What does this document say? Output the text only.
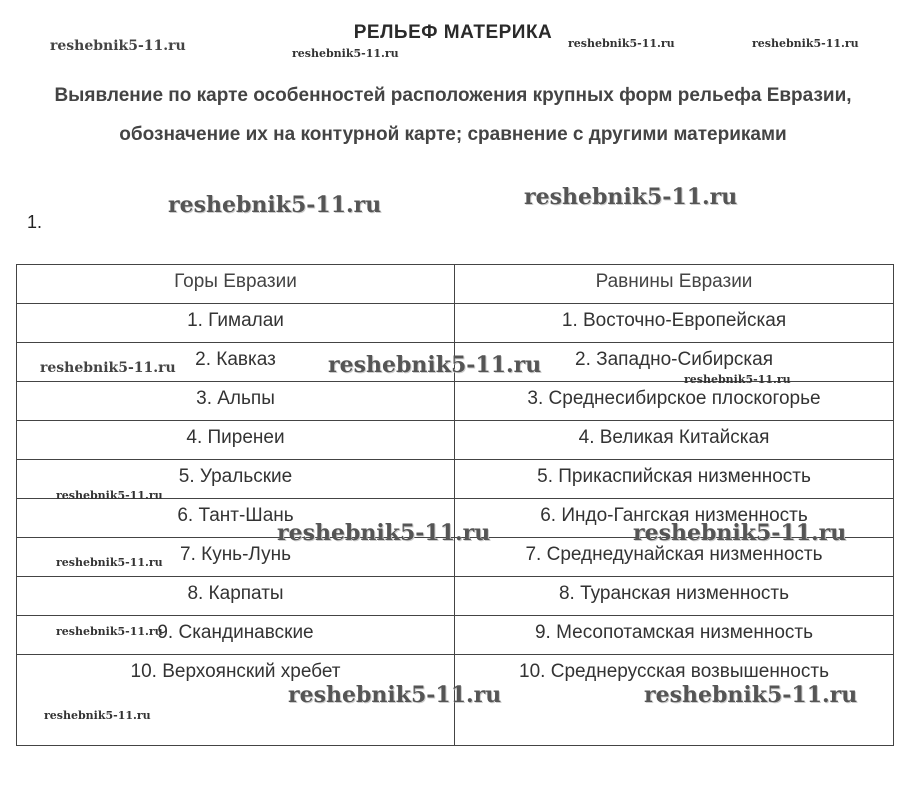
РЕЛЬЕФ МАТЕРИКА
Выявление по карте особенностей расположения крупных форм рельефа Евразии, обозначение их на контурной карте; сравнение с другими материками
1.
Горы Евразии	Равнины Евразии
1. Гималаи	1. Восточно-Европейская
2. Кавказ	2. Западно-Сибирская
3. Альпы	3. Среднесибирское плоскогорье
4. Пиренеи	4. Великая Китайская
5. Уральские	5. Прикаспийская низменность
6. Тант-Шань	6. Индо-Гангская низменность
7. Кунь-Лунь	7. Среднедунайская низменность
8. Карпаты	8. Туранская низменность
9. Скандинавские	9. Месопотамская низменность
10. Верхоянский хребет	10. Среднерусская возвышенность
reshebnik5-11.ru	reshebnik5-11.ru
reshebnik5-11.ru	reshebnik5-11.ru
reshebnik5-11.ru	reshebnik5-11.ru
reshebnik5-11.ru	reshebnik5-11.ru
reshebnik5-11.ru
reshebnik5-11.ru
reshebnik5-11.ru	reshebnik5-11.ru
reshebnik5-11.ru
reshebnik5-11.ru
reshebnik5-11.ru	reshebnik5-11.ru
reshebnik5-11.ru
